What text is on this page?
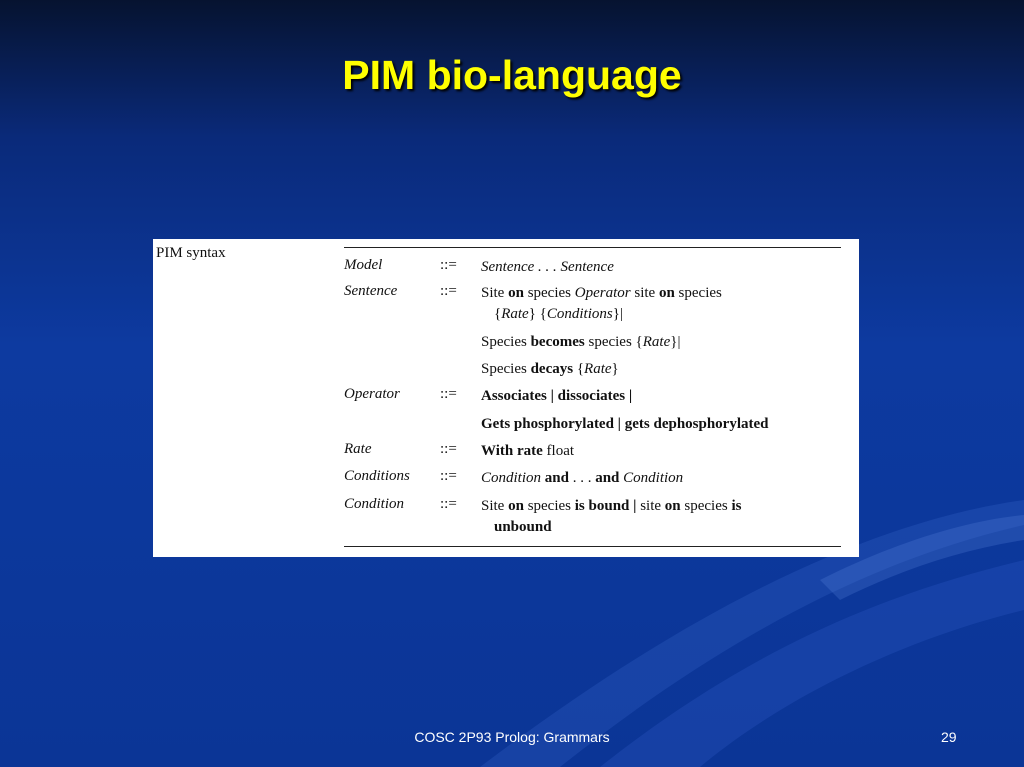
PIM bio-language
PIM syntax
Model	::= Sentence . . . Sentence
Sentence	::= Site on species Operator site on species
{Rate} {Conditions}|
Species becomes species {Rate}|
Species decays {Rate}
Operator	::= Associates | dissociates |
Gets phosphorylated | gets dephosphorylated
Rate	::= With rate float
Conditions ::= Condition and . . . and Condition
Condition ::= Site on species is bound | site on species is
unbound
COSC 2P93 Prolog: Grammars	29
